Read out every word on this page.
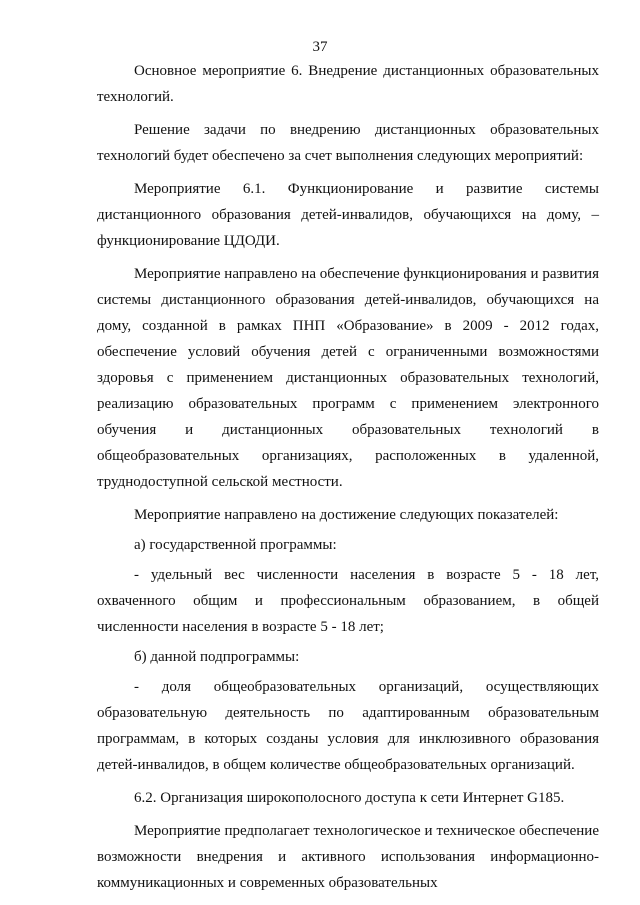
37

Основное мероприятие 6. Внедрение дистанционных образовательных технологий.

Решение задачи по внедрению дистанционных образовательных технологий будет обеспечено за счет выполнения следующих мероприятий:

Мероприятие 6.1. Функционирование и развитие системы дистанционного образования детей-инвалидов, обучающихся на дому, – функционирование ЦДОДИ.

Мероприятие направлено на обеспечение функционирования и развития системы дистанционного образования детей-инвалидов, обучающихся на дому, созданной в рамках ПНП «Образование» в 2009 - 2012 годах, обеспечение условий обучения детей с ограниченными возможностями здоровья с применением дистанционных образовательных технологий, реализацию образовательных программ с применением электронного обучения и дистанционных образовательных технологий в общеобразовательных организациях, расположенных в удаленной, труднодоступной сельской местности.

Мероприятие направлено на достижение следующих показателей:

а) государственной программы:

- удельный вес численности населения в возрасте 5 - 18 лет, охваченного общим и профессиональным образованием, в общей численности населения в возрасте 5 - 18 лет;

б) данной подпрограммы:

- доля общеобразовательных организаций, осуществляющих образовательную деятельность по адаптированным образовательным программам, в которых созданы условия для инклюзивного образования детей-инвалидов, в общем количестве общеобразовательных организаций.

6.2. Организация широкополосного доступа к сети Интернет G185.

Мероприятие предполагает технологическое и техническое обеспечение возможности внедрения и активного использования информационно-коммуникационных и современных образовательных
